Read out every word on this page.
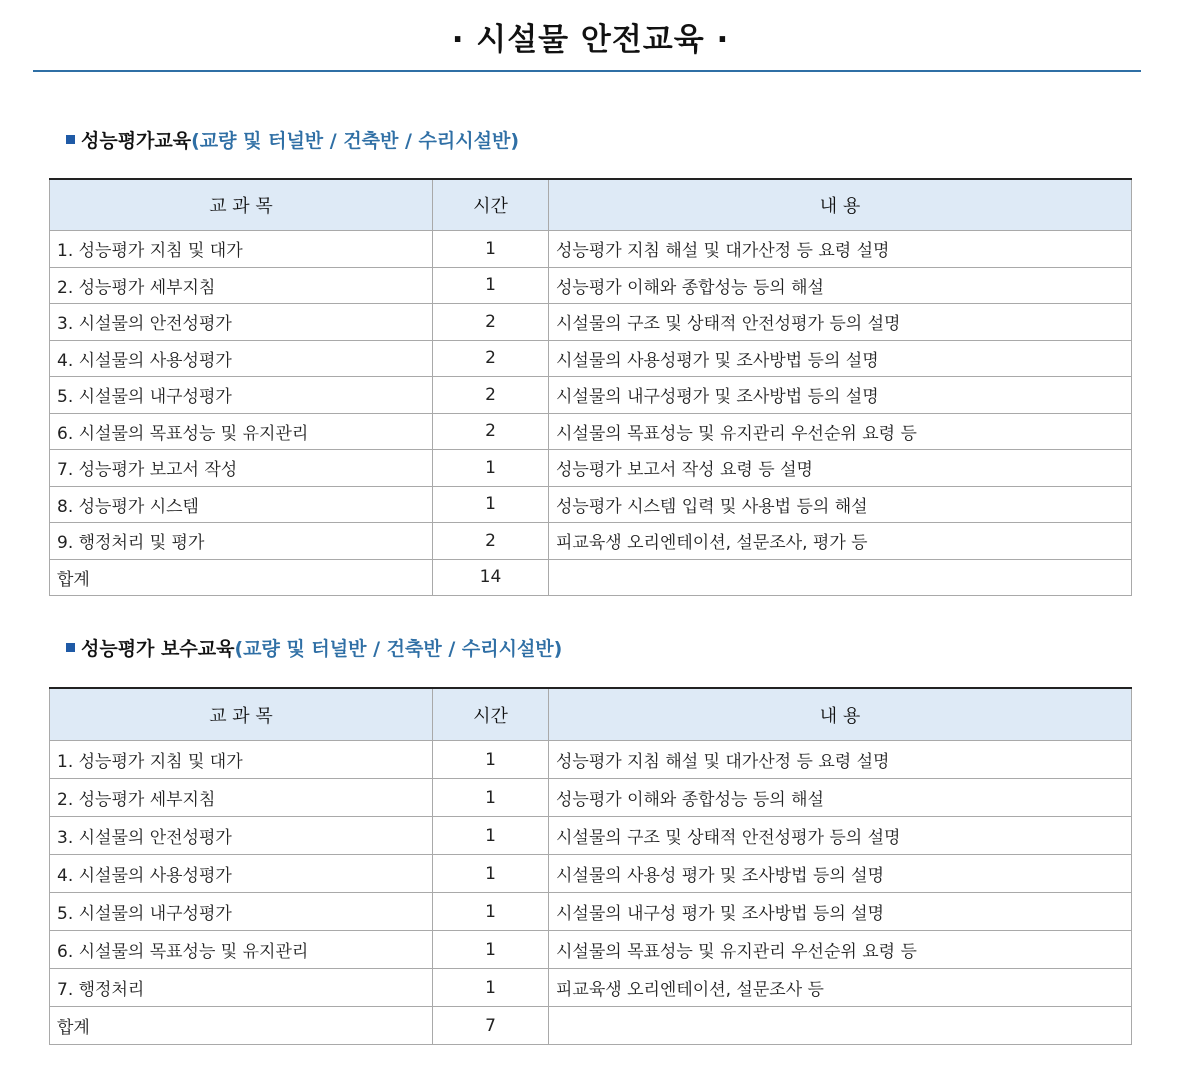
· 시설물 안전교육 ·
성능평가교육(교량 및 터널반 / 건축반 / 수리시설반)
교 과 목	시간	내 용
1. 성능평가 지침 및 대가	1	성능평가 지침 해설 및 대가산정 등 요령 설명
2. 성능평가 세부지침	1	성능평가 이해와 종합성능 등의 해설
3. 시설물의 안전성평가	2	시설물의 구조 및 상태적 안전성평가 등의 설명
4. 시설물의 사용성평가	2	시설물의 사용성평가 및 조사방법 등의 설명
5. 시설물의 내구성평가	2	시설물의 내구성평가 및 조사방법 등의 설명
6. 시설물의 목표성능 및 유지관리	2	시설물의 목표성능 및 유지관리 우선순위 요령 등
7. 성능평가 보고서 작성	1	성능평가 보고서 작성 요령 등 설명
8. 성능평가 시스템	1	성능평가 시스템 입력 및 사용법 등의 해설
9. 행정처리 및 평가	2	피교육생 오리엔테이션, 설문조사, 평가 등
합계	14	
성능평가 보수교육(교량 및 터널반 / 건축반 / 수리시설반)
교 과 목	시간	내 용
1. 성능평가 지침 및 대가	1	성능평가 지침 해설 및 대가산정 등 요령 설명
2. 성능평가 세부지침	1	성능평가 이해와 종합성능 등의 해설
3. 시설물의 안전성평가	1	시설물의 구조 및 상태적 안전성평가 등의 설명
4. 시설물의 사용성평가	1	시설물의 사용성 평가 및 조사방법 등의 설명
5. 시설물의 내구성평가	1	시설물의 내구성 평가 및 조사방법 등의 설명
6. 시설물의 목표성능 및 유지관리	1	시설물의 목표성능 및 유지관리 우선순위 요령 등
7. 행정처리	1	피교육생 오리엔테이션, 설문조사 등
합계	7	
